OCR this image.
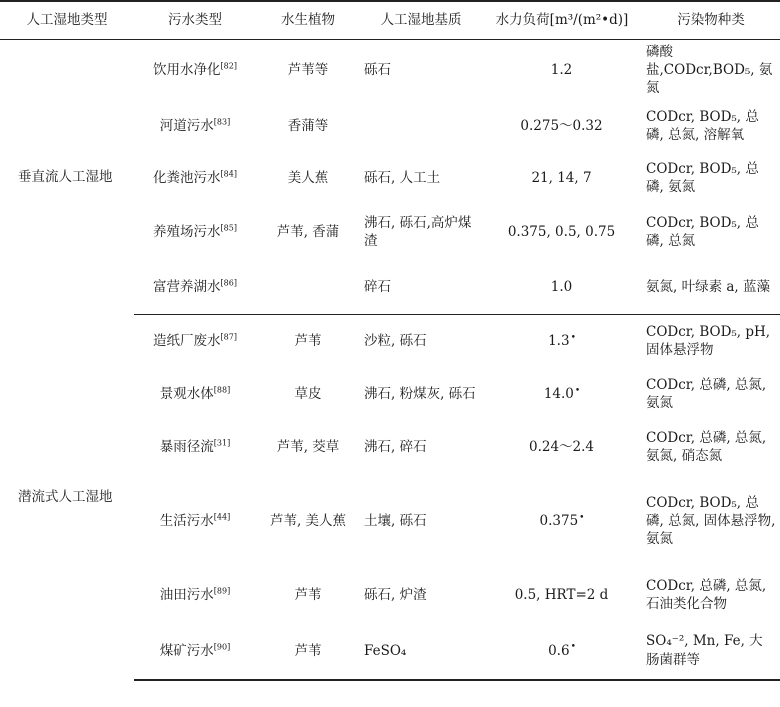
人工湿地类型	污水类型	水生植物	人工湿地基质	水力负荷[m³/(m²•d)]	污染物种类
垂直流人工湿地	饮用水净化[82]	芦苇等	砾石	1.2	磷酸盐,CODcr,BOD₅, 氨氮
	河道污水[83]	香蒲等		0.275～0.32	CODcr, BOD₅, 总磷, 总氮, 溶解氧
	化粪池污水[84]	美人蕉	砾石, 人工土	21, 14, 7	CODcr, BOD₅, 总磷, 氨氮
	养殖场污水[85]	芦苇, 香蒲	沸石, 砾石,高炉煤渣	0.375, 0.5, 0.75	CODcr, BOD₅, 总磷, 总氮
	富营养湖水[86]		碎石	1.0	氨氮, 叶绿素 a, 蓝藻
潜流式人工湿地	造纸厂废水[87]	芦苇	沙粒, 砾石	1.3•	CODcr, BOD₅, pH, 固体悬浮物
	景观水体[88]	草皮	沸石, 粉煤灰, 砾石	14.0•	CODcr, 总磷, 总氮,氨氮
	暴雨径流[31]	芦苇, 茭草	沸石, 碎石	0.24～2.4	CODcr, 总磷, 总氮,氨氮, 硝态氮
	生活污水[44]	芦苇, 美人蕉	土壤, 砾石	0.375•	CODcr, BOD₅, 总磷, 总氮, 固体悬浮物, 氨氮
	油田污水[89]	芦苇	砾石, 炉渣	0.5, HRT=2 d	CODcr, 总磷, 总氮,石油类化合物
	煤矿污水[90]	芦苇	FeSO₄	0.6•	SO₄⁻², Mn, Fe, 大肠菌群等
